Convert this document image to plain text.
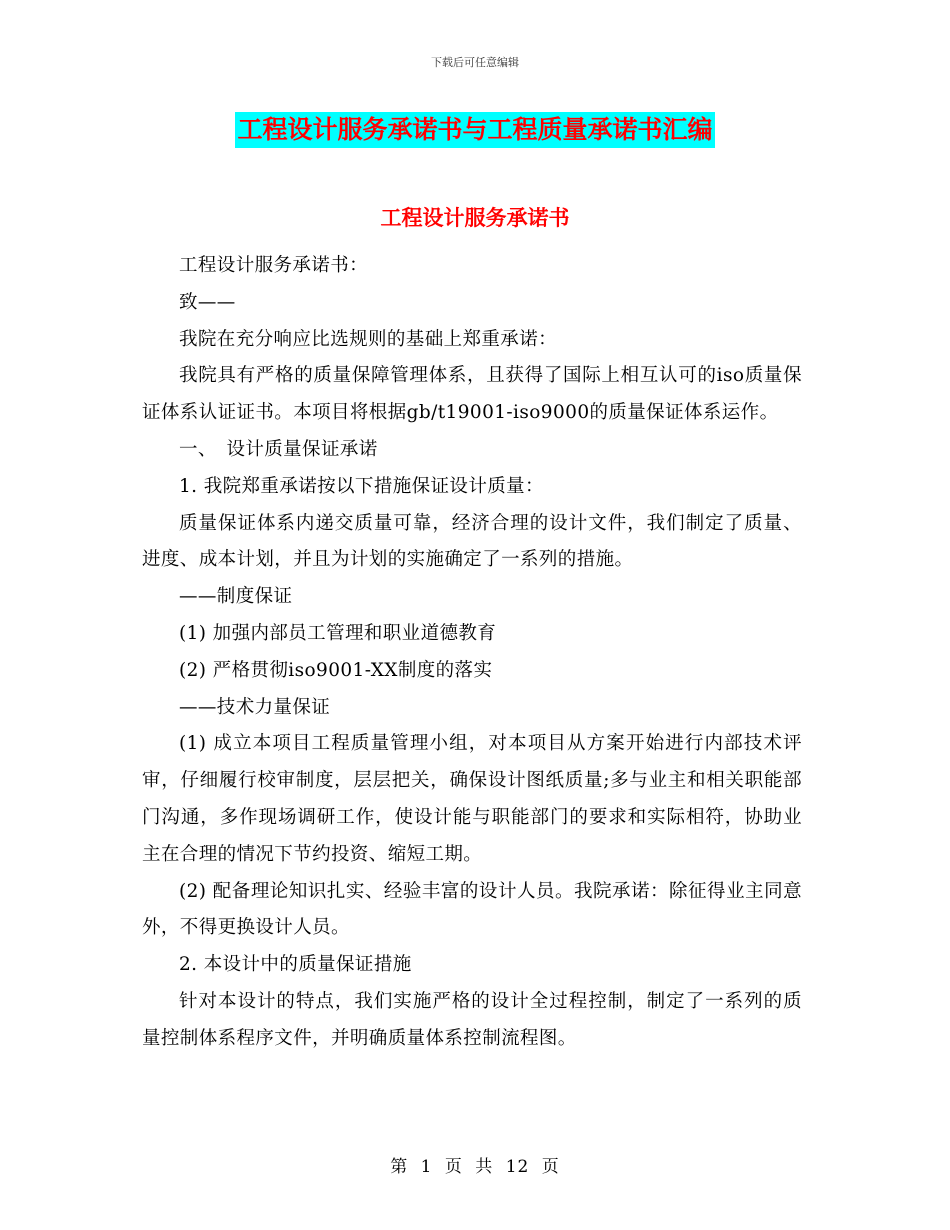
下载后可任意编辑
工程设计服务承诺书与工程质量承诺书汇编
工程设计服务承诺书

工程设计服务承诺书：

致——

我院在充分响应比选规则的基础上郑重承诺：

我院具有严格的质量保障管理体系，且获得了国际上相互认可的iso质量保证体系认证证书。本项目将根据gb/t19001-iso9000的质量保证体系运作。

一、　设计质量保证承诺

1. 我院郑重承诺按以下措施保证设计质量：

质量保证体系内递交质量可靠，经济合理的设计文件，我们制定了质量、进度、成本计划，并且为计划的实施确定了一系列的措施。

——制度保证

(1) 加强内部员工管理和职业道德教育

(2) 严格贯彻iso9001-XX制度的落实

——技术力量保证

(1) 成立本项目工程质量管理小组，对本项目从方案开始进行内部技术评审，仔细履行校审制度，层层把关，确保设计图纸质量;多与业主和相关职能部门沟通，多作现场调研工作，使设计能与职能部门的要求和实际相符，协助业主在合理的情况下节约投资、缩短工期。

(2) 配备理论知识扎实、经验丰富的设计人员。我院承诺：除征得业主同意外，不得更换设计人员。

2. 本设计中的质量保证措施

针对本设计的特点，我们实施严格的设计全过程控制，制定了一系列的质量控制体系程序文件，并明确质量体系控制流程图。

第 1 页 共 12 页
